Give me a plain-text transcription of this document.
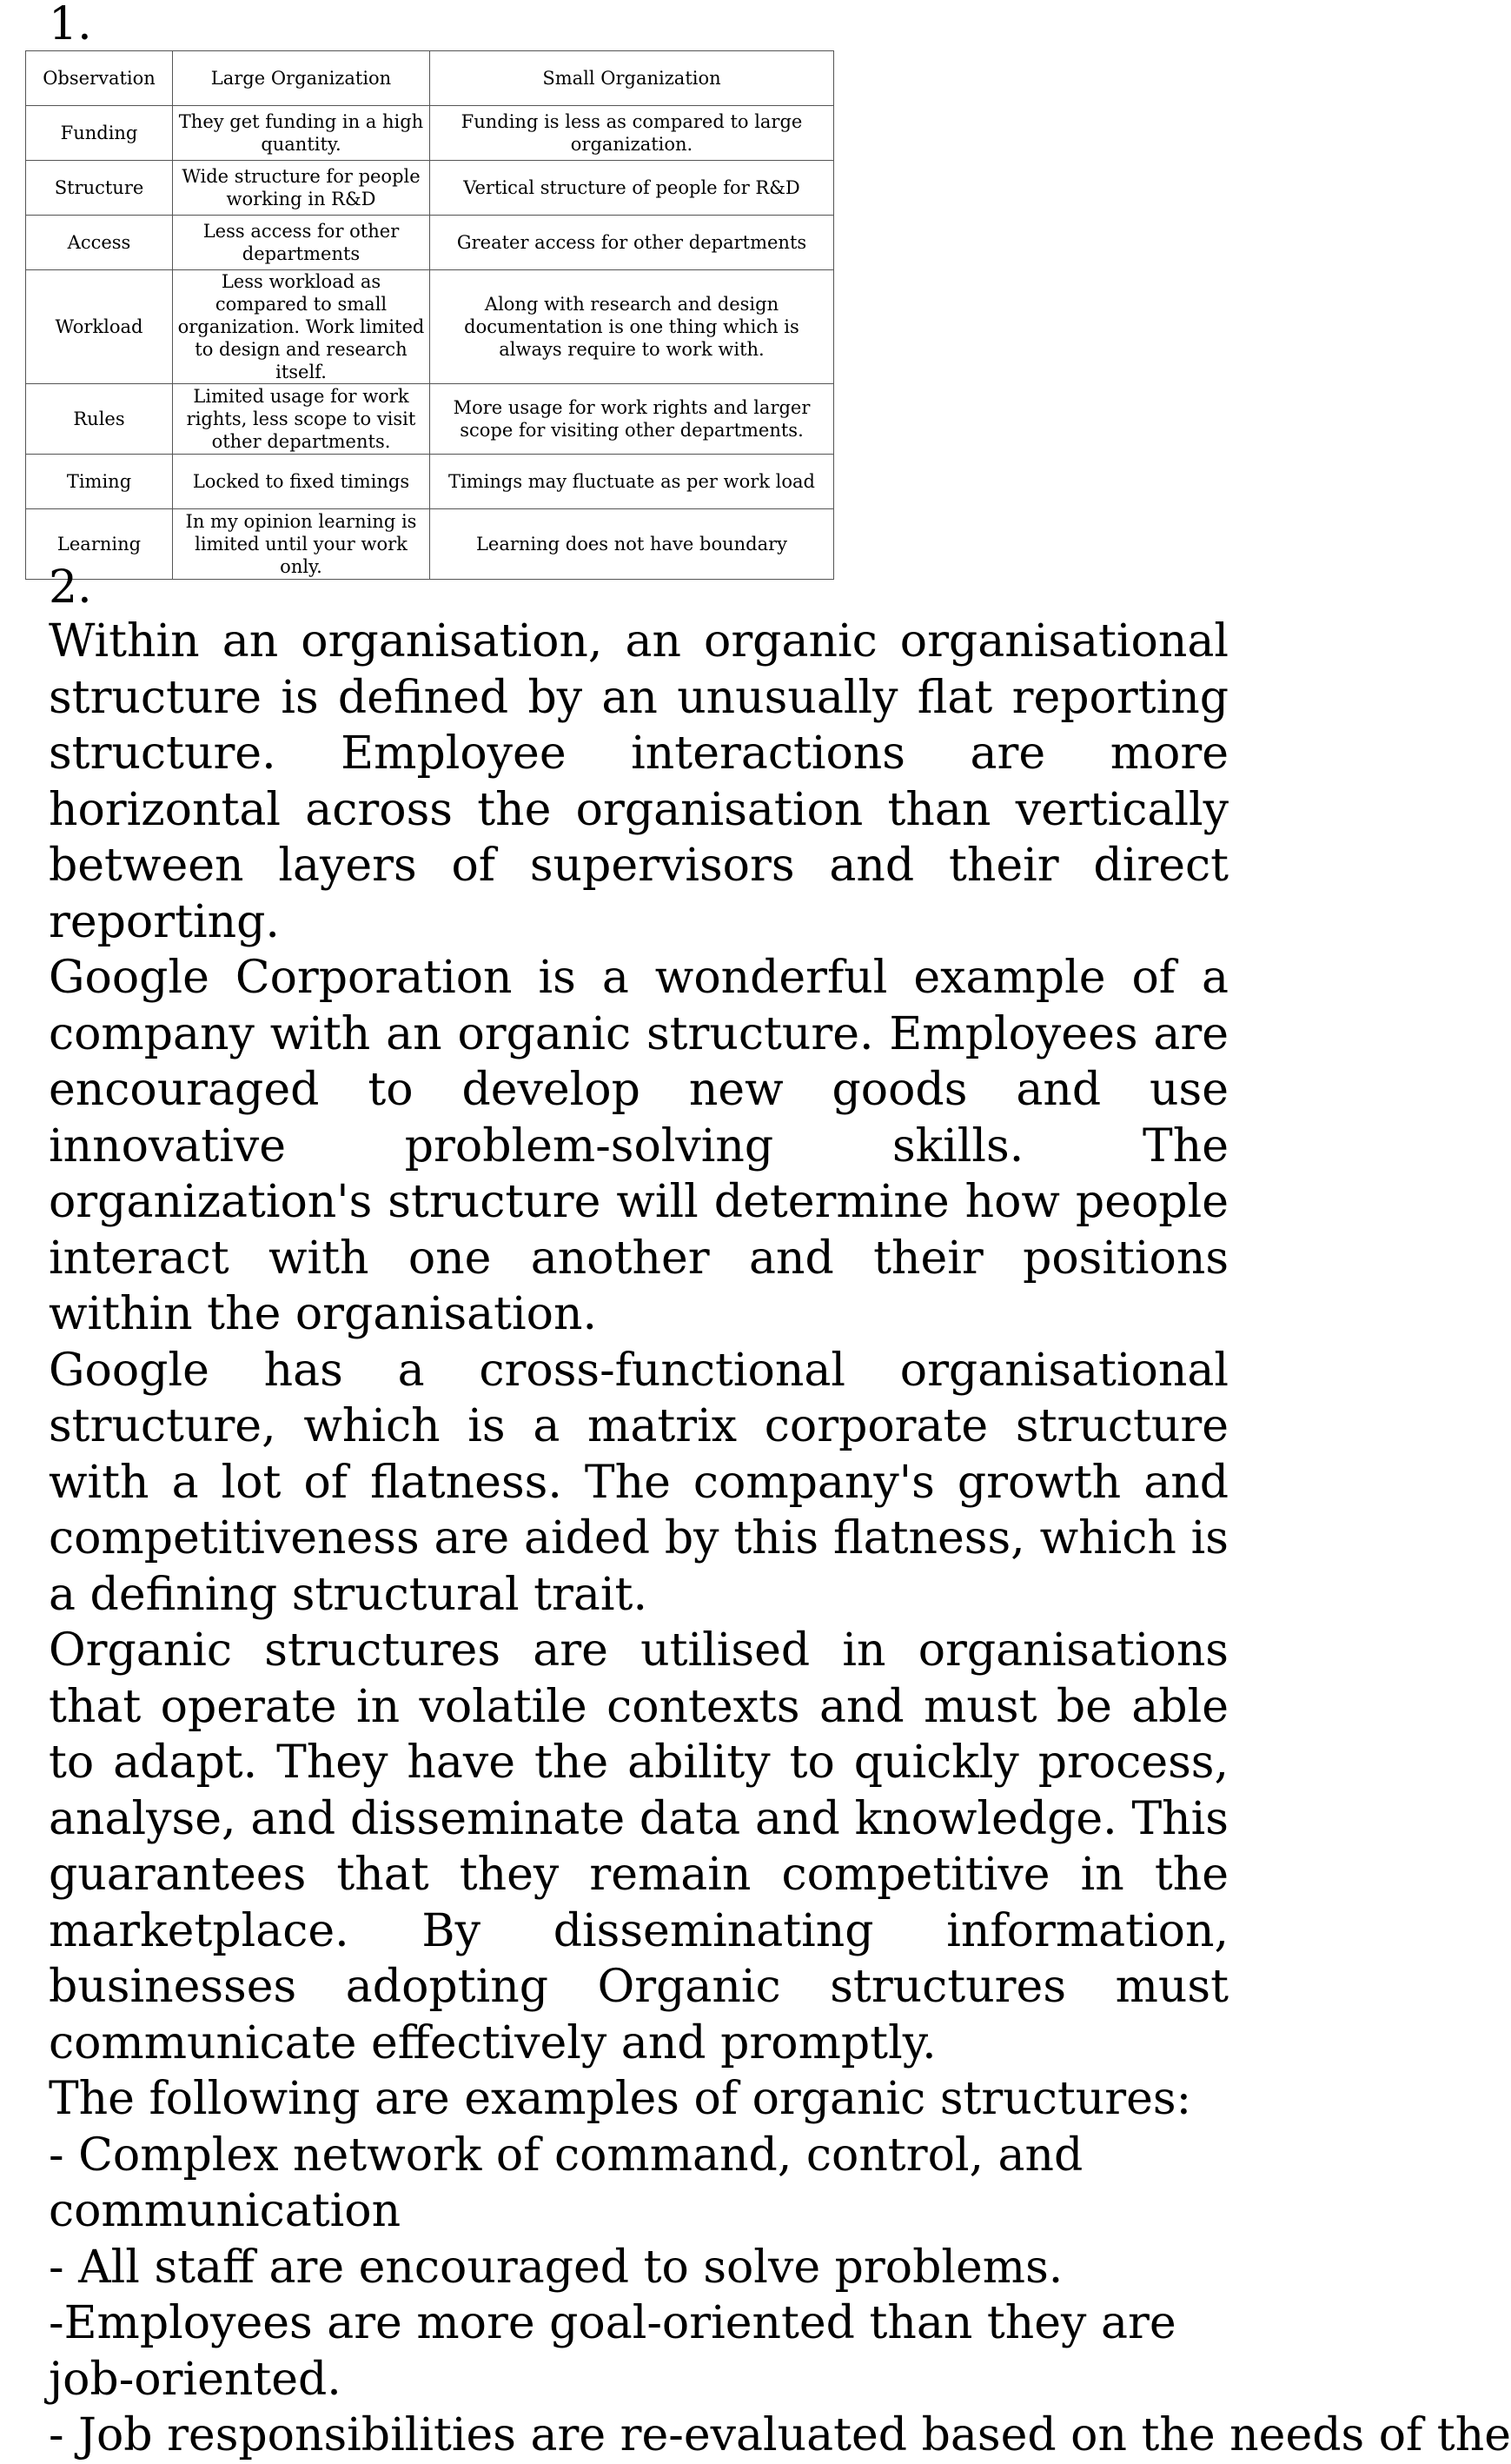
1.
Observation	Large Organization	Small Organization
Funding	They get funding in a high quantity.	Funding is less as compared to large organization.
Structure	Wide structure for people working in R&D	Vertical structure of people for R&D
Access	Less access for other departments	Greater access for other departments
Workload	Less workload as compared to small organization. Work limited to design and research itself.	Along with research and design documentation is one thing which is always require to work with.
Rules	Limited usage for work rights, less scope to visit other departments.	More usage for work rights and larger scope for visiting other departments.
Timing	Locked to fixed timings	Timings may fluctuate as per work load
Learning	In my opinion learning is limited until your work only.	Learning does not have boundary
2.

Within an organisation, an organic organisational structure is defined by an unusually flat reporting structure. Employee interactions are more horizontal across the organisation than vertically between layers of supervisors and their direct reporting.

Google Corporation is a wonderful example of a company with an organic structure. Employees are encouraged to develop new goods and use innovative problem-solving skills. The organization's structure will determine how people interact with one another and their positions within the organisation.

Google has a cross-functional organisational structure, which is a matrix corporate structure with a lot of flatness. The company's growth and competitiveness are aided by this flatness, which is a defining structural trait.

Organic structures are utilised in organisations that operate in volatile contexts and must be able to adapt. They have the ability to quickly process, analyse, and disseminate data and knowledge. This guarantees that they remain competitive in the marketplace. By disseminating information, businesses adopting Organic structures must communicate effectively and promptly.

The following are examples of organic structures:
- Complex network of command, control, and communication
- All staff are encouraged to solve problems.
-Employees are more goal-oriented than they are job-oriented.
- Job responsibilities are re-evaluated based on the needs of the
